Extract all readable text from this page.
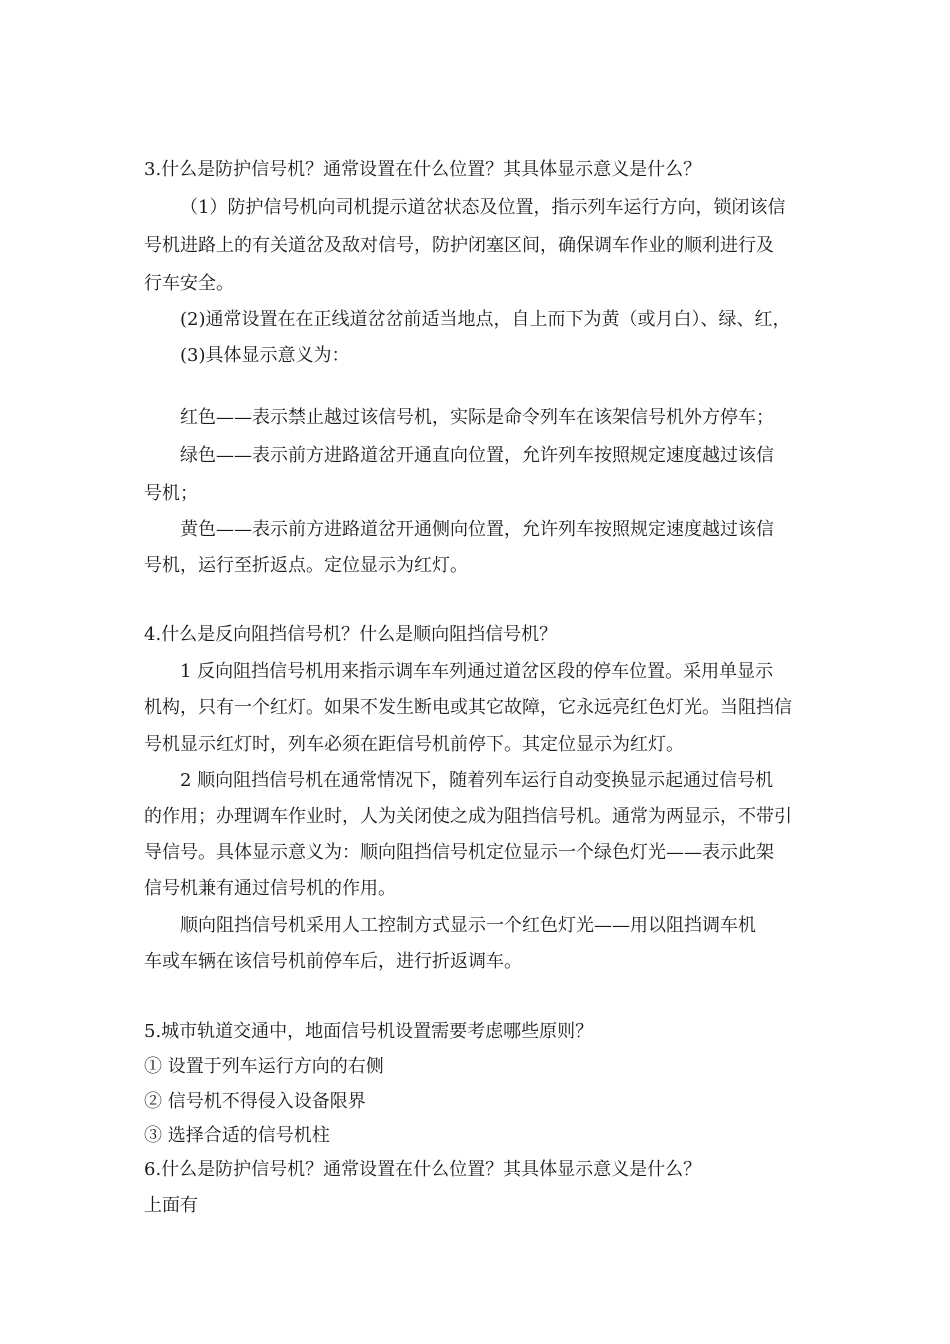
3.什么是防护信号机？通常设置在什么位置？其具体显示意义是什么？

（1）防护信号机向司机提示道岔状态及位置，指示列车运行方向，锁闭该信

号机进路上的有关道岔及敌对信号，防护闭塞区间，确保调车作业的顺利进行及

行车安全。

(2)通常设置在在正线道岔岔前适当地点，自上而下为黄（或月白）、绿、红，

(3)具体显示意义为：

红色——表示禁止越过该信号机，实际是命令列车在该架信号机外方停车；

绿色——表示前方进路道岔开通直向位置，允许列车按照规定速度越过该信

号机；

黄色——表示前方进路道岔开通侧向位置，允许列车按照规定速度越过该信

号机，运行至折返点。定位显示为红灯。

4.什么是反向阻挡信号机？什么是顺向阻挡信号机？

1 反向阻挡信号机用来指示调车车列通过道岔区段的停车位置。采用单显示

机构，只有一个红灯。如果不发生断电或其它故障，它永远亮红色灯光。当阻挡信

号机显示红灯时，列车必须在距信号机前停下。其定位显示为红灯。

2 顺向阻挡信号机在通常情况下，随着列车运行自动变换显示起通过信号机

的作用；办理调车作业时，人为关闭使之成为阻挡信号机。通常为两显示，不带引

导信号。具体显示意义为：顺向阻挡信号机定位显示一个绿色灯光——表示此架

信号机兼有通过信号机的作用。

顺向阻挡信号机采用人工控制方式显示一个红色灯光——用以阻挡调车机

车或车辆在该信号机前停车后，进行折返调车。

5.城市轨道交通中，地面信号机设置需要考虑哪些原则？

① 设置于列车运行方向的右侧

② 信号机不得侵入设备限界

③ 选择合适的信号机柱

6.什么是防护信号机？通常设置在什么位置？其具体显示意义是什么？

上面有
